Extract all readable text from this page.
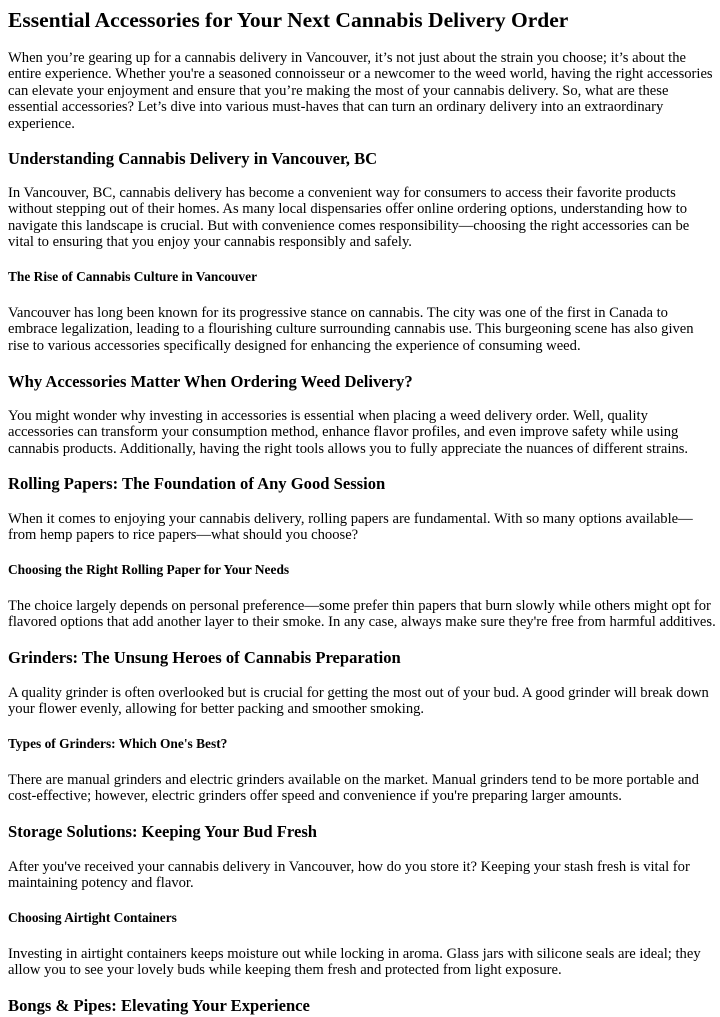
Essential Accessories for Your Next Cannabis Delivery Order

When you’re gearing up for a cannabis delivery in Vancouver, it’s not just about the strain you choose; it’s about the entire experience. Whether you're a seasoned connoisseur or a newcomer to the weed world, having the right accessories can elevate your enjoyment and ensure that you’re making the most of your cannabis delivery. So, what are these essential accessories? Let’s dive into various must-haves that can turn an ordinary delivery into an extraordinary experience.

Understanding Cannabis Delivery in Vancouver, BC

In Vancouver, BC, cannabis delivery has become a convenient way for consumers to access their favorite products without stepping out of their homes. As many local dispensaries offer online ordering options, understanding how to navigate this landscape is crucial. But with convenience comes responsibility—choosing the right accessories can be vital to ensuring that you enjoy your cannabis responsibly and safely.

The Rise of Cannabis Culture in Vancouver

Vancouver has long been known for its progressive stance on cannabis. The city was one of the first in Canada to embrace legalization, leading to a flourishing culture surrounding cannabis use. This burgeoning scene has also given rise to various accessories specifically designed for enhancing the experience of consuming weed.

Why Accessories Matter When Ordering Weed Delivery?

You might wonder why investing in accessories is essential when placing a weed delivery order. Well, quality accessories can transform your consumption method, enhance flavor profiles, and even improve safety while using cannabis products. Additionally, having the right tools allows you to fully appreciate the nuances of different strains.

Rolling Papers: The Foundation of Any Good Session

When it comes to enjoying your cannabis delivery, rolling papers are fundamental. With so many options available—from hemp papers to rice papers—what should you choose?

Choosing the Right Rolling Paper for Your Needs

The choice largely depends on personal preference—some prefer thin papers that burn slowly while others might opt for flavored options that add another layer to their smoke. In any case, always make sure they're free from harmful additives.

Grinders: The Unsung Heroes of Cannabis Preparation

A quality grinder is often overlooked but is crucial for getting the most out of your bud. A good grinder will break down your flower evenly, allowing for better packing and smoother smoking.

Types of Grinders: Which One's Best?

There are manual grinders and electric grinders available on the market. Manual grinders tend to be more portable and cost-effective; however, electric grinders offer speed and convenience if you're preparing larger amounts.

Storage Solutions: Keeping Your Bud Fresh

After you've received your cannabis delivery in Vancouver, how do you store it? Keeping your stash fresh is vital for maintaining potency and flavor.

Choosing Airtight Containers

Investing in airtight containers keeps moisture out while locking in aroma. Glass jars with silicone seals are ideal; they allow you to see your lovely buds while keeping them fresh and protected from light exposure.

Bongs & Pipes: Elevating Your Experience
